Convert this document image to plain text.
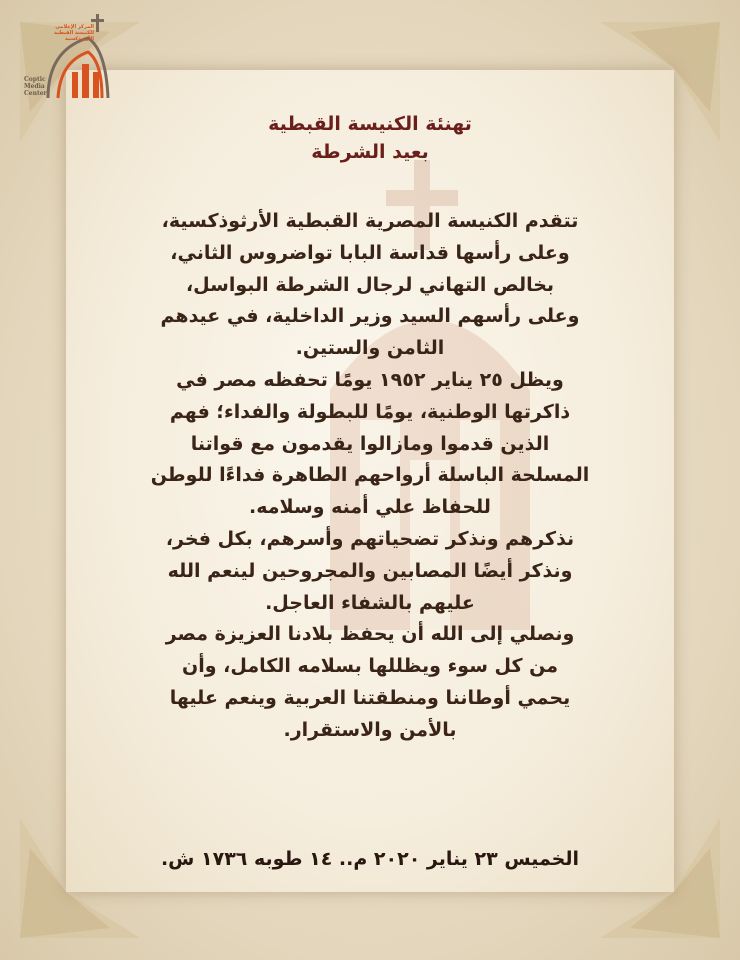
المركز الإعلامي
للكنيسة القبطية الأرثوذكسية
Coptic
Media
Center
تهنئة الكنيسة القبطية
بعيد الشرطة
تتقدم الكنيسة المصرية القبطية الأرثوذكسية،
وعلى رأسها قداسة البابا تواضروس الثاني،
بخالص التهاني لرجال الشرطة البواسل،
وعلى رأسهم السيد وزير الداخلية، في عيدهم
الثامن والستين.
ويظل ٢٥ يناير ١٩٥٢ يومًا تحفظه مصر في
ذاكرتها الوطنية، يومًا للبطولة والفداء؛ فهم
الذين قدموا ومازالوا يقدمون مع قواتنا
المسلحة الباسلة أرواحهم الطاهرة فداءًا للوطن
للحفاظ علي أمنه وسلامه.
نذكرهم ونذكر تضحياتهم وأسرهم، بكل فخر،
ونذكر أيضًا المصابين والمجروحين لينعم الله
عليهم بالشفاء العاجل.
ونصلي إلى الله أن يحفظ بلادنا العزيزة مصر
من كل سوء ويظللها بسلامه الكامل، وأن
يحمي أوطاننا ومنطقتنا العربية وينعم عليها
بالأمن والاستقرار.
الخميس ٢٣ يناير ٢٠٢٠ م.. ١٤ طوبه ١٧٣٦ ش.
